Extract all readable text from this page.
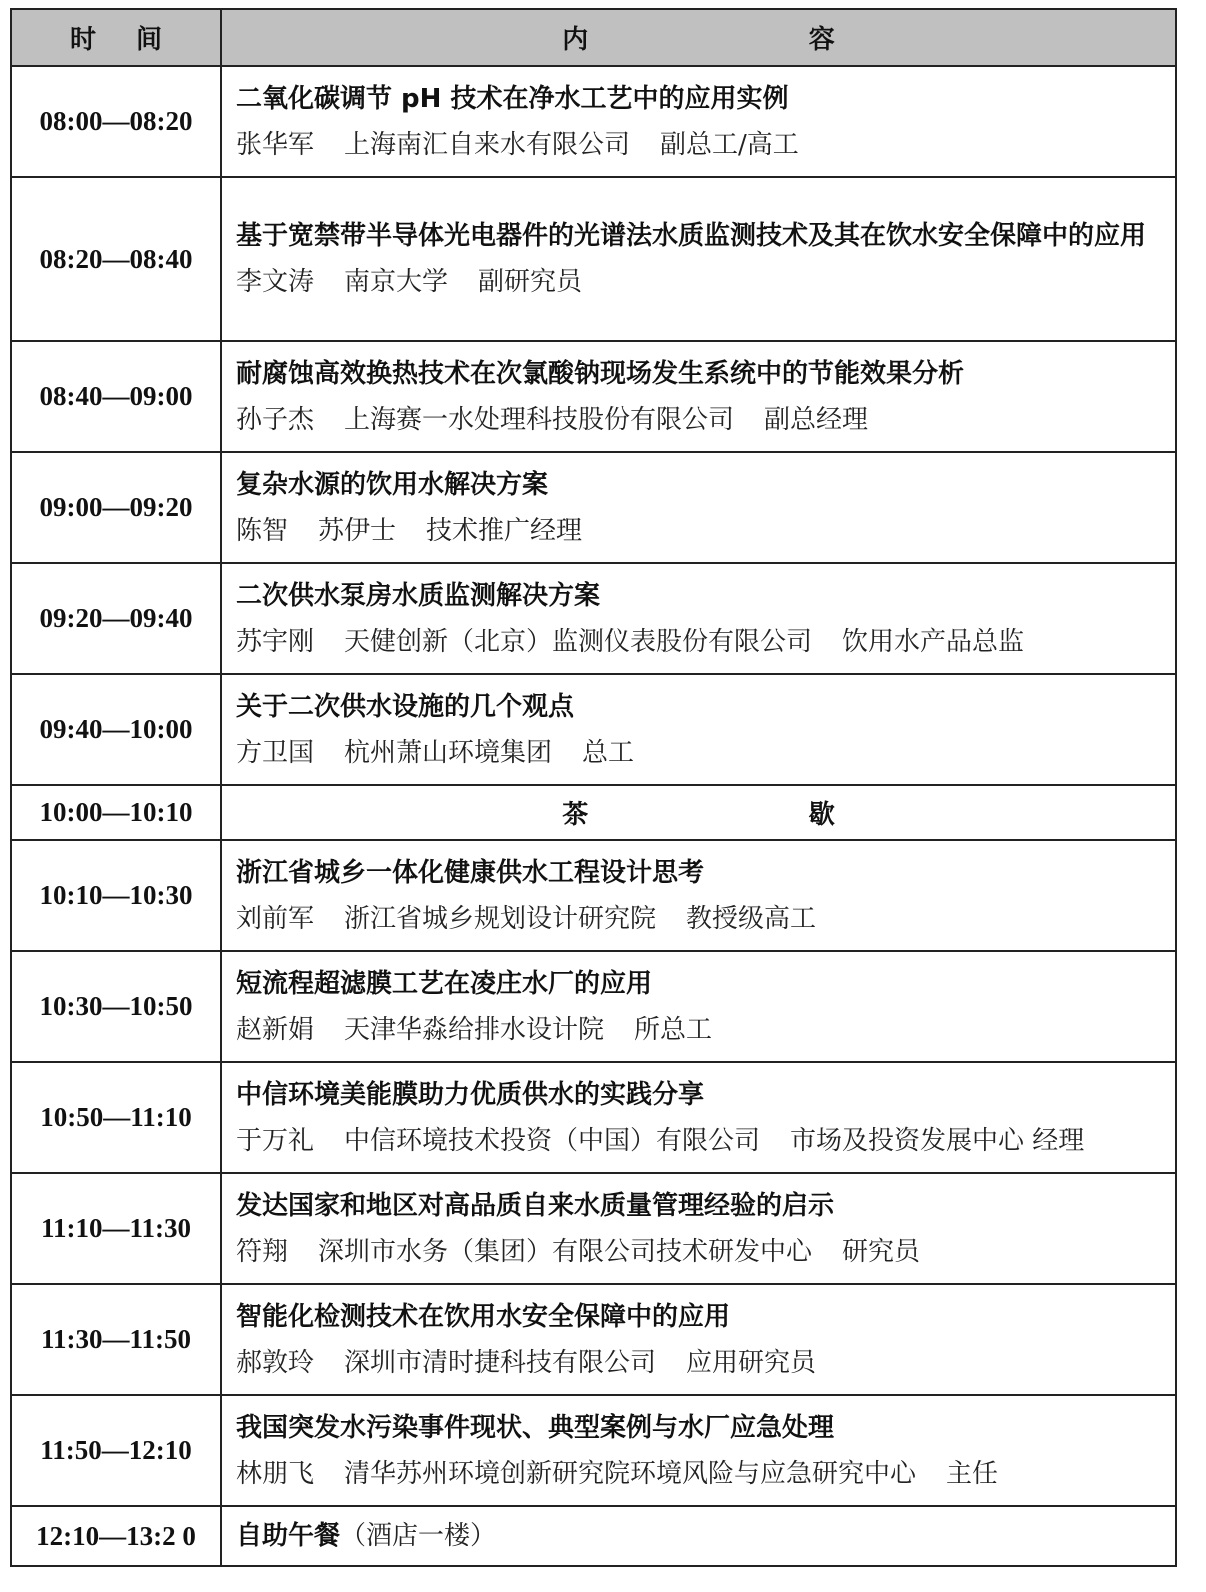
时 间	内 容

08:00—08:20	二氧化碳调节 pH 技术在净水工艺中的应用实例
张华军 上海南汇自来水有限公司 副总工/高工

08:20—08:40	基于宽禁带半导体光电器件的光谱法水质监测技术及其在饮水安全保障中的应用
李文涛 南京大学 副研究员

08:40—09:00	耐腐蚀高效换热技术在次氯酸钠现场发生系统中的节能效果分析
孙子杰 上海赛一水处理科技股份有限公司 副总经理

09:00—09:20	复杂水源的饮用水解决方案
陈智 苏伊士 技术推广经理

09:20—09:40	二次供水泵房水质监测解决方案
苏宇刚 天健创新（北京）监测仪表股份有限公司 饮用水产品总监

09:40—10:00	关于二次供水设施的几个观点
方卫国 杭州萧山环境集团 总工

10:00—10:10	茶 歇

10:10—10:30	浙江省城乡一体化健康供水工程设计思考
刘前军 浙江省城乡规划设计研究院 教授级高工

10:30—10:50	短流程超滤膜工艺在凌庄水厂的应用
赵新娟 天津华淼给排水设计院 所总工

10:50—11:10	中信环境美能膜助力优质供水的实践分享
于万礼 中信环境技术投资（中国）有限公司 市场及投资发展中心 经理

11:10—11:30	发达国家和地区对高品质自来水质量管理经验的启示
符翔 深圳市水务（集团）有限公司技术研发中心 研究员

11:30—11:50	智能化检测技术在饮用水安全保障中的应用
郝敦玲 深圳市清时捷科技有限公司 应用研究员

11:50—12:10	我国突发水污染事件现状、典型案例与水厂应急处理
林朋飞 清华苏州环境创新研究院环境风险与应急研究中心 主任

12:10—13:2 0	自助午餐（酒店一楼）
